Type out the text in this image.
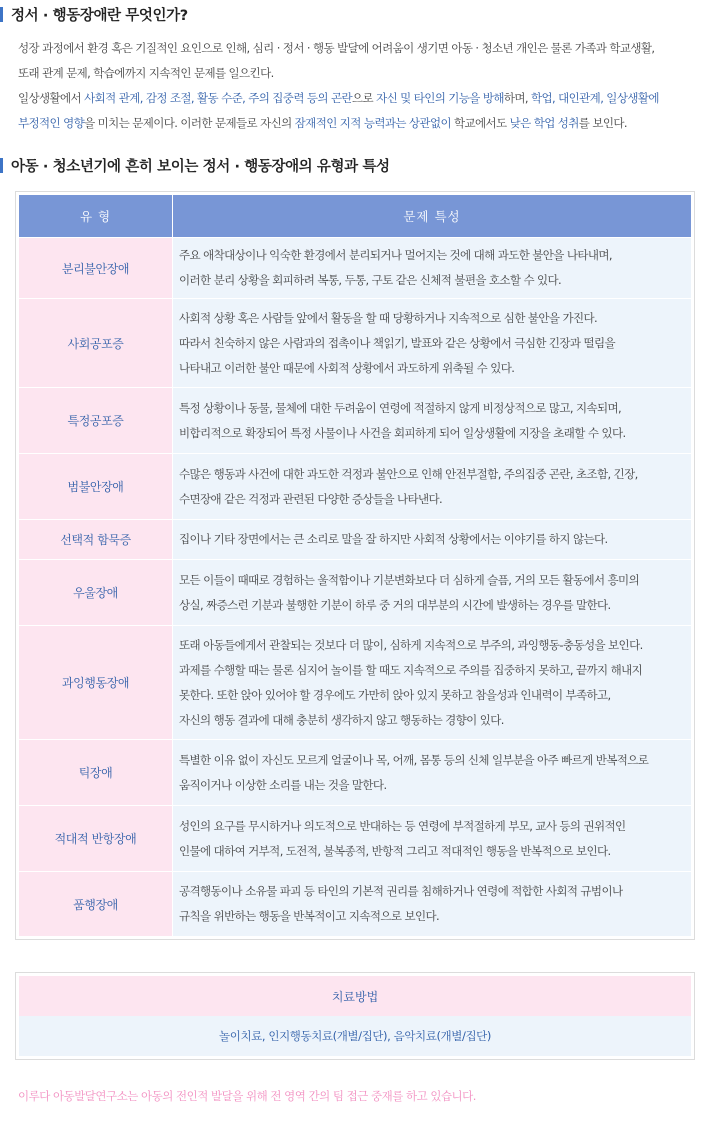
정서 · 행동장애란 무엇인가?

성장 과정에서 환경 혹은 기질적인 요인으로 인해, 심리 · 정서 · 행동 발달에 어려움이 생기면 아동 · 청소년 개인은 물론 가족과 학교생활,

또래 관계 문제, 학습에까지 지속적인 문제를 일으킨다.

일상생활에서 사회적 관계, 감정 조절, 활동 수준, 주의 집중력 등의 곤란으로 자신 및 타인의 기능을 방해하며, 학업, 대인관계, 일상생활에

부정적인 영향을 미치는 문제이다. 이러한 문제들로 자신의 잠재적인 지적 능력과는 상관없이 학교에서도 낮은 학업 성취를 보인다.

아동 · 청소년기에 흔히 보이는 정서 · 행동장애의 유형과 특성
유 형	문제 특성
분리불안장애	주요 애착대상이나 익숙한 환경에서 분리되거나 멀어지는 것에 대해 과도한 불안을 나타내며,
이러한 분리 상황을 회피하려 복통, 두통, 구토 같은 신체적 불편을 호소할 수 있다.

사회공포증	사회적 상황 혹은 사람들 앞에서 활동을 할 때 당황하거나 지속적으로 심한 불안을 가진다.
따라서 친숙하지 않은 사람과의 접촉이나 책읽기, 발표와 같은 상황에서 극심한 긴장과 떨림을
나타내고 이러한 불안 때문에 사회적 상황에서 과도하게 위축될 수 있다.

특정공포증	특정 상황이나 동물, 물체에 대한 두려움이 연령에 적절하지 않게 비정상적으로 많고, 지속되며,
비합리적으로 확장되어 특정 사물이나 사건을 회피하게 되어 일상생활에 지장을 초래할 수 있다.

범불안장애	수많은 행동과 사건에 대한 과도한 걱정과 불안으로 인해 안전부절함, 주의집중 곤란, 초조함, 긴장,
수면장애 같은 걱정과 관련된 다양한 증상들을 나타낸다.

선택적 함묵증	집이나 기타 장면에서는 큰 소리로 말을 잘 하지만 사회적 상황에서는 이야기를 하지 않는다.

우울장애	모든 이들이 때때로 경험하는 울적함이나 기분변화보다 더 심하게 슬픔, 거의 모든 활동에서 흥미의
상실, 짜증스런 기분과 불행한 기분이 하루 중 거의 대부분의 시간에 발생하는 경우를 말한다.

과잉행동장애	또래 아동들에게서 관찰되는 것보다 더 많이, 심하게 지속적으로 부주의, 과잉행동-충동성을 보인다.
과제를 수행할 때는 물론 심지어 놀이를 할 때도 지속적으로 주의를 집중하지 못하고, 끝까지 해내지
못한다. 또한 앉아 있어야 할 경우에도 가만히 앉아 있지 못하고 참을성과 인내력이 부족하고,
자신의 행동 결과에 대해 충분히 생각하지 않고 행동하는 경향이 있다.

틱장애	특별한 이유 없이 자신도 모르게 얼굴이나 목, 어깨, 몸통 등의 신체 일부분을 아주 빠르게 반복적으로
움직이거나 이상한 소리를 내는 것을 말한다.

적대적 반항장애	성인의 요구를 무시하거나 의도적으로 반대하는 등 연령에 부적절하게 부모, 교사 등의 권위적인
인물에 대하여 거부적, 도전적, 불복종적, 반항적 그리고 적대적인 행동을 반복적으로 보인다.

품행장애	공격행동이나 소유물 파괴 등 타인의 기본적 권리를 침해하거나 연령에 적합한 사회적 규범이나
규칙을 위반하는 행동을 반복적이고 지속적으로 보인다.
치료방법
놀이치료, 인지행동치료(개별/집단), 음악치료(개별/집단)
이루다 아동발달연구소는 아동의 전인적 발달을 위해 전 영역 간의 팀 접근 중재를 하고 있습니다.
